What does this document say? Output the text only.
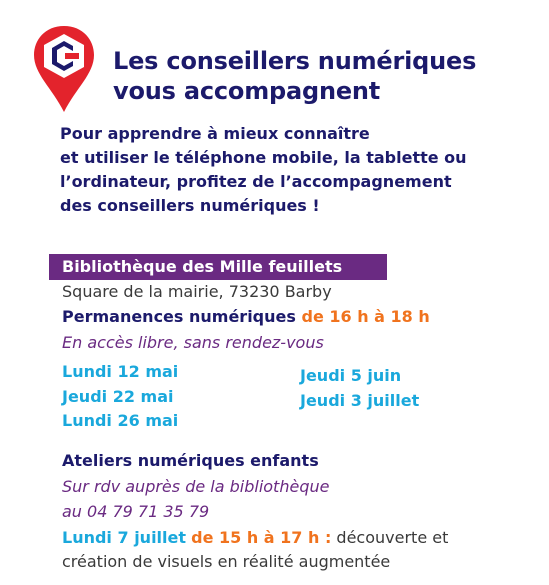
Les conseillers numériques
vous accompagnent
Pour apprendre à mieux connaître
et utiliser le téléphone mobile, la tablette ou
l’ordinateur, profitez de l’accompagnement
des conseillers numériques !
Bibliothèque des Mille feuillets
Square de la mairie, 73230 Barby
Permanences numériques de 16 h à 18 h
En accès libre, sans rendez-vous
Lundi 12 mai
Jeudi 22 mai
Lundi 26 mai
Jeudi 5 juin
Jeudi 3 juillet
Ateliers numériques enfants
Sur rdv auprès de la bibliothèque
au 04 79 71 35 79
Lundi 7 juillet de 15 h à 17 h : découverte et
création de visuels en réalité augmentée
